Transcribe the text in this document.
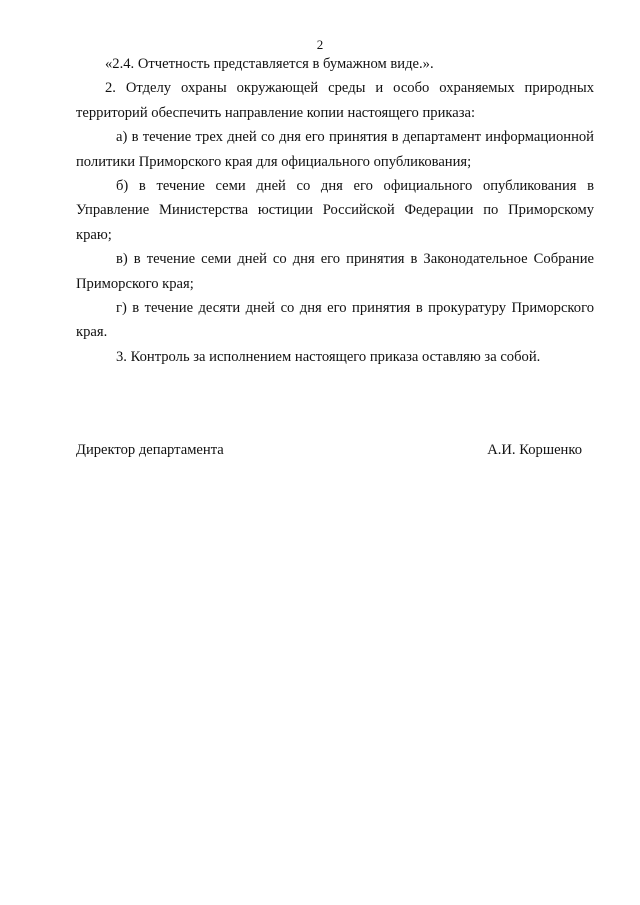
2

«2.4. Отчетность представляется в бумажном виде.».

2. Отделу охраны окружающей среды и особо охраняемых природных территорий обеспечить направление копии настоящего приказа:

а) в течение трех дней со дня его принятия в департамент информационной политики Приморского края для официального опубликования;

б) в течение семи дней со дня его официального опубликования в Управление Министерства юстиции Российской Федерации по Приморскому краю;

в) в течение семи дней со дня его принятия в Законодательное Собрание Приморского края;

г) в течение десяти дней со дня его принятия в прокуратуру Приморского края.

3. Контроль за исполнением настоящего приказа оставляю за собой.

Директор департамента	А.И. Коршенко
